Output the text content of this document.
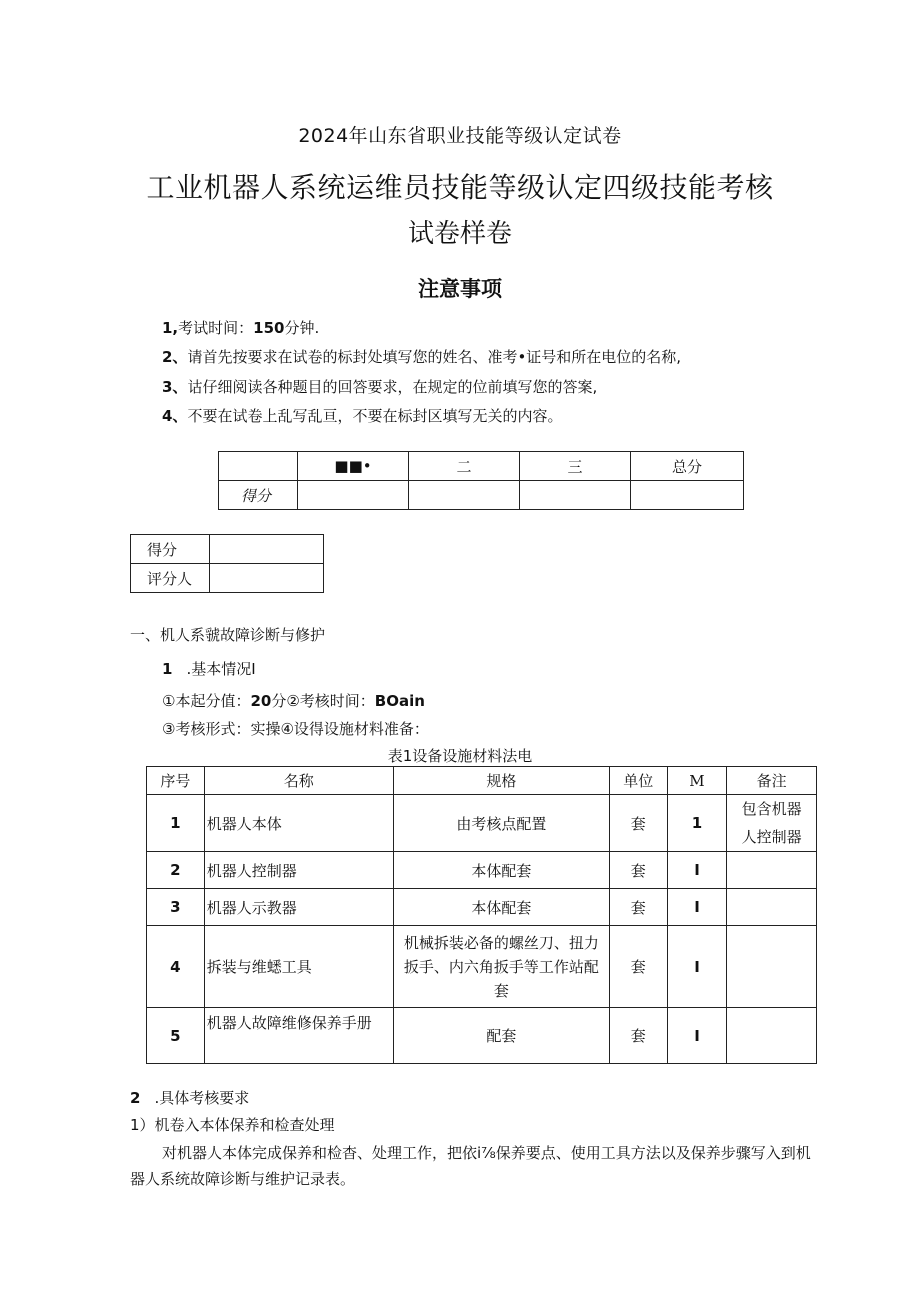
2024年山东省职业技能等级认定试卷
工业机器人系统运维员技能等级认定四级技能考核
试卷样卷
注意事项
1,考试时间：150分钟.
2、请首先按要求在试卷的标封处填写您的姓名、准考•证号和所在电位的名称,
3、诂仔细阅读各种题目的回答要求，在规定的位前填写您的答案,
4、不要在试卷上乱写乱亘，不要在标封区填写无关的内容。
	■■•	二	三	总分
得分				
得分	
评分人	
一、机人系虢故障诊断与修护
1 .基本情况I
①本起分值：20分②考核时间：BOain
③考核形式：实操④设得设施材料准备：
表1设备设施材料法电
序号	名称	规格	单位	M	备注
1	机器人本体	由考核点配置	套	1	包含机器
人控制器

2	机器人控制器	本体配套	套	I	
3	机器人示教器	本体配套	套	I	
4	拆装与维蟋工具	机械拆装必备的螺丝刀、扭力
扳手、内六角扳手等工作站配
套	套	I	
5	机器人故障维修保养手册	配套	套	I	
2 .具体考核要求
1）机卷入本体保养和检查处理
对机器人本体完成保养和检杳、处理工作，把依i⅞保养要点、使用工具方法以及保养步骤写入到机器人系统故障诊断与维护记录表。
